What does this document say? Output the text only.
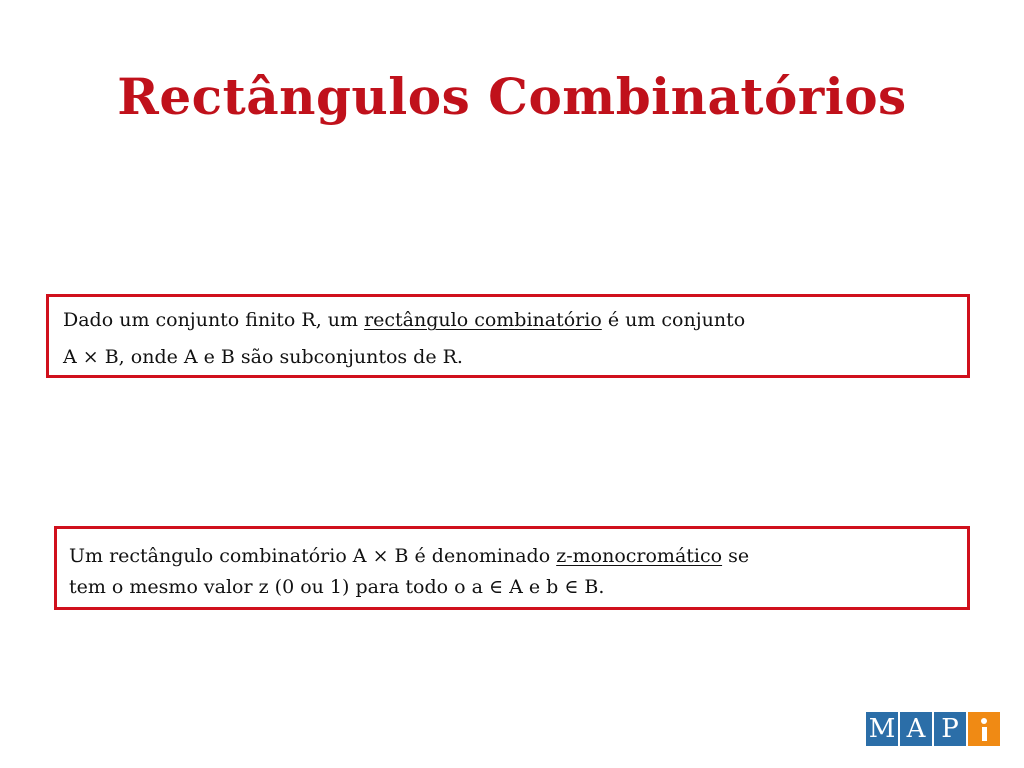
Rectângulos Combinatórios
Dado um conjunto finito R, um rectângulo combinatório é um conjunto
A × B, onde A e B são subconjuntos de R.
Um rectângulo combinatório A × B é denominado z-monocromático se
tem o mesmo valor z (0 ou 1) para todo o a ∈ A e b ∈ B.
M A P
